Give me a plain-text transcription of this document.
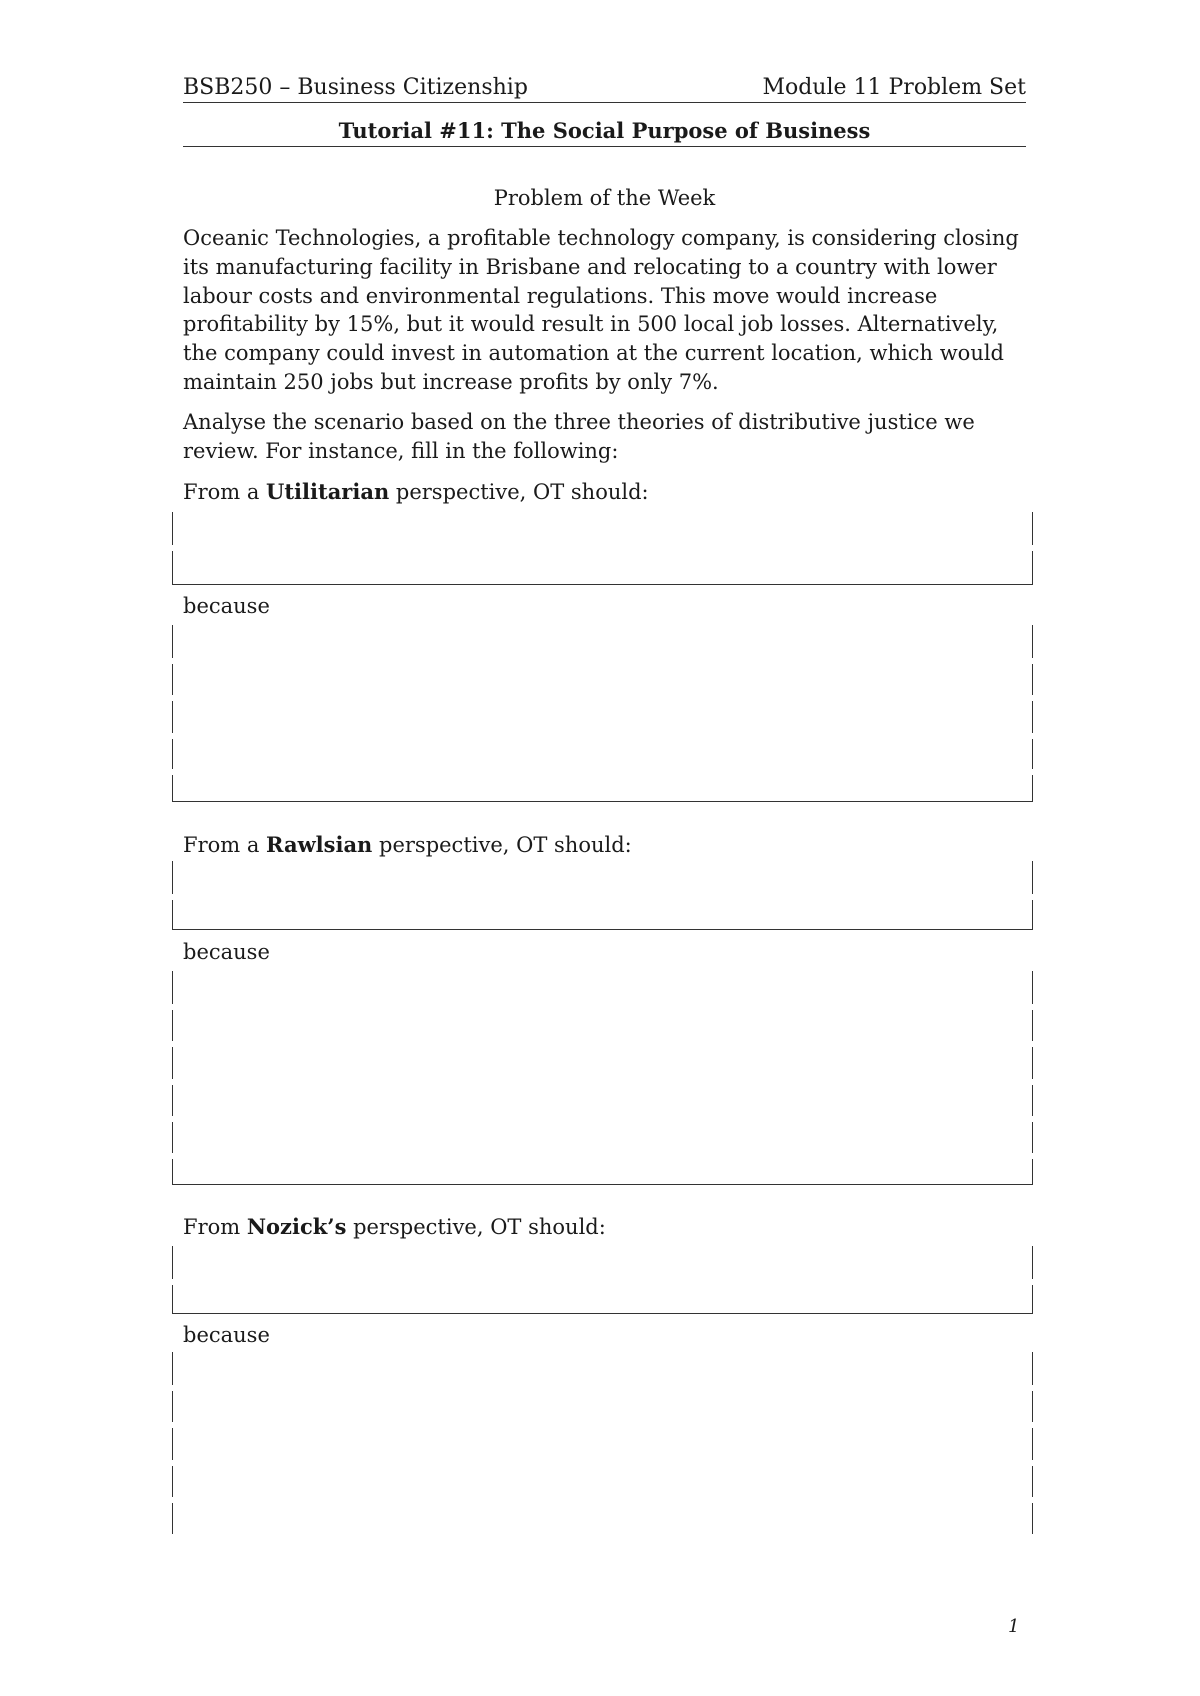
BSB250 – Business Citizenship	Module 11 Problem Set
Tutorial #11: The Social Purpose of Business
Problem of the Week

Oceanic Technologies, a profitable technology company, is considering closing its manufacturing facility in Brisbane and relocating to a country with lower labour costs and environmental regulations. This move would increase profitability by 15%, but it would result in 500 local job losses. Alternatively, the company could invest in automation at the current location, which would maintain 250 jobs but increase profits by only 7%.

Analyse the scenario based on the three theories of distributive justice we review. For instance, fill in the following:

From a Utilitarian perspective, OT should:
because
From a Rawlsian perspective, OT should:
because
From Nozick’s perspective, OT should:
because
1
